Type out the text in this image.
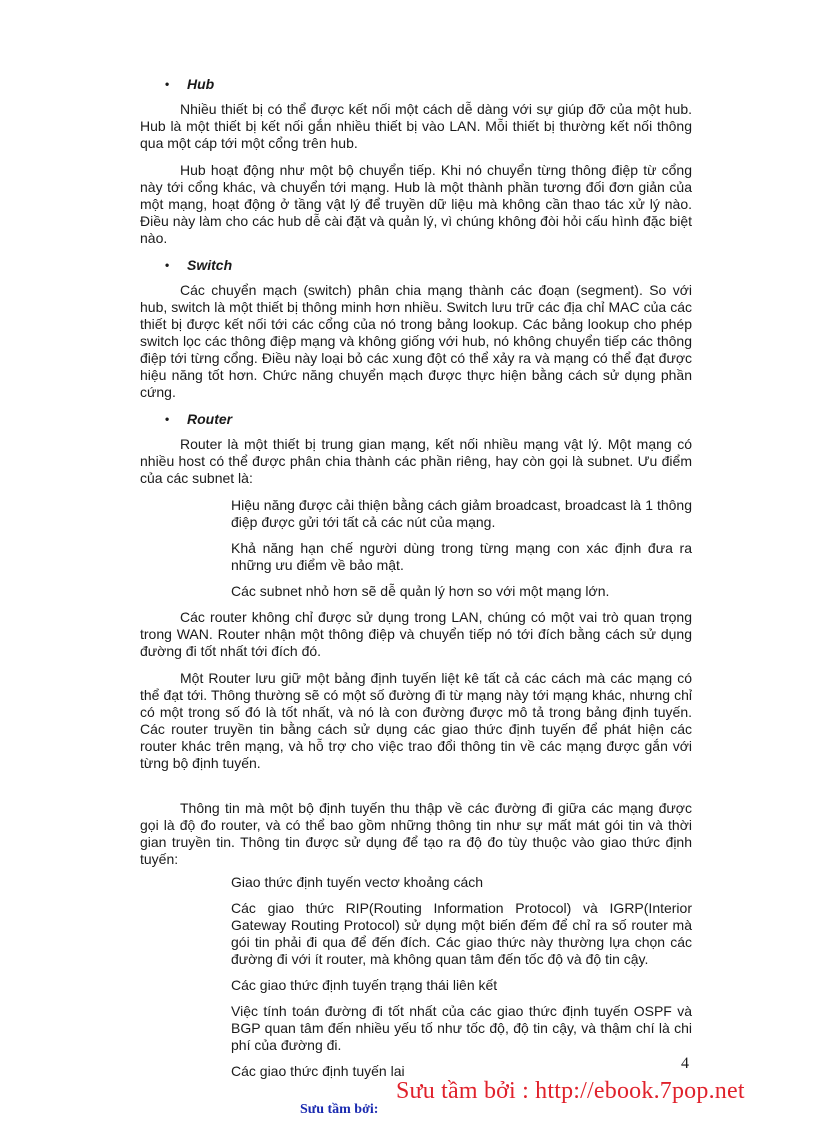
• Hub

Nhiều thiết bị có thể được kết nối một cách dễ dàng với sự giúp đỡ của một hub. Hub là một thiết bị kết nối gắn nhiều thiết bị vào LAN. Mỗi thiết bị thường kết nối thông qua một cáp tới một cổng trên hub.

Hub hoạt động như một bộ chuyển tiếp. Khi nó chuyển từng thông điệp từ cổng này tới cổng khác, và chuyển tới mạng. Hub là một thành phần tương đối đơn giản của một mạng, hoạt động ở tầng vật lý để truyền dữ liệu mà không cần thao tác xử lý nào. Điều này làm cho các hub dễ cài đặt và quản lý, vì chúng không đòi hỏi cấu hình đặc biệt nào.

• Switch

Các chuyển mạch (switch) phân chia mạng thành các đoạn (segment). So với hub, switch là một thiết bị thông minh hơn nhiều. Switch lưu trữ các địa chỉ MAC của các thiết bị được kết nối tới các cổng của nó trong bảng lookup. Các bảng lookup cho phép switch lọc các thông điệp mạng và không giống với hub, nó không chuyển tiếp các thông điệp tới từng cổng. Điều này loại bỏ các xung đột có thể xảy ra và mạng có thể đạt được hiệu năng tốt hơn. Chức năng chuyển mạch được thực hiện bằng cách sử dụng phần cứng.

• Router

Router là một thiết bị trung gian mạng, kết nối nhiều mạng vật lý. Một mạng có nhiều host có thể được phân chia thành các phần riêng, hay còn gọi là subnet. Ưu điểm của các subnet là:

Hiệu năng được cải thiện bằng cách giảm broadcast, broadcast là 1 thông điệp được gửi tới tất cả các nút của mạng.

Khả năng hạn chế người dùng trong từng mạng con xác định đưa ra những ưu điểm về bảo mật.

Các subnet nhỏ hơn sẽ dễ quản lý hơn so với một mạng lớn.

Các router không chỉ được sử dụng trong LAN, chúng có một vai trò quan trọng trong WAN. Router nhận một thông điệp và chuyển tiếp nó tới đích bằng cách sử dụng đường đi tốt nhất tới đích đó.

Một Router lưu giữ một bảng định tuyến liệt kê tất cả các cách mà các mạng có thể đạt tới. Thông thường sẽ có một số đường đi từ mạng này tới mạng khác, nhưng chỉ có một trong số đó là tốt nhất, và nó là con đường được mô tả trong bảng định tuyến. Các router truyền tin bằng cách sử dụng các giao thức định tuyến để phát hiện các router khác trên mạng, và hỗ trợ cho việc trao đổi thông tin về các mạng được gắn với từng bộ định tuyến.

Thông tin mà một bộ định tuyến thu thập về các đường đi giữa các mạng được gọi là độ đo router, và có thể bao gồm những thông tin như sự mất mát gói tin và thời gian truyền tin. Thông tin được sử dụng để tạo ra độ đo tùy thuộc vào giao thức định tuyến:

Giao thức định tuyến vectơ khoảng cách

Các giao thức RIP(Routing Information Protocol) và IGRP(Interior Gateway Routing Protocol) sử dụng một biến đếm để chỉ ra số router mà gói tin phải đi qua để đến đích. Các giao thức này thường lựa chọn các đường đi với ít router, mà không quan tâm đến tốc độ và độ tin cậy.

Các giao thức định tuyến trạng thái liên kết

Việc tính toán đường đi tốt nhất của các giao thức định tuyến OSPF và BGP quan tâm đến nhiều yếu tố như tốc độ, độ tin cậy, và thậm chí là chi phí của đường đi.

Các giao thức định tuyến lai	4
Sưu tầm bởi:
Sưu tầm bởi : http://ebook.7pop.net
